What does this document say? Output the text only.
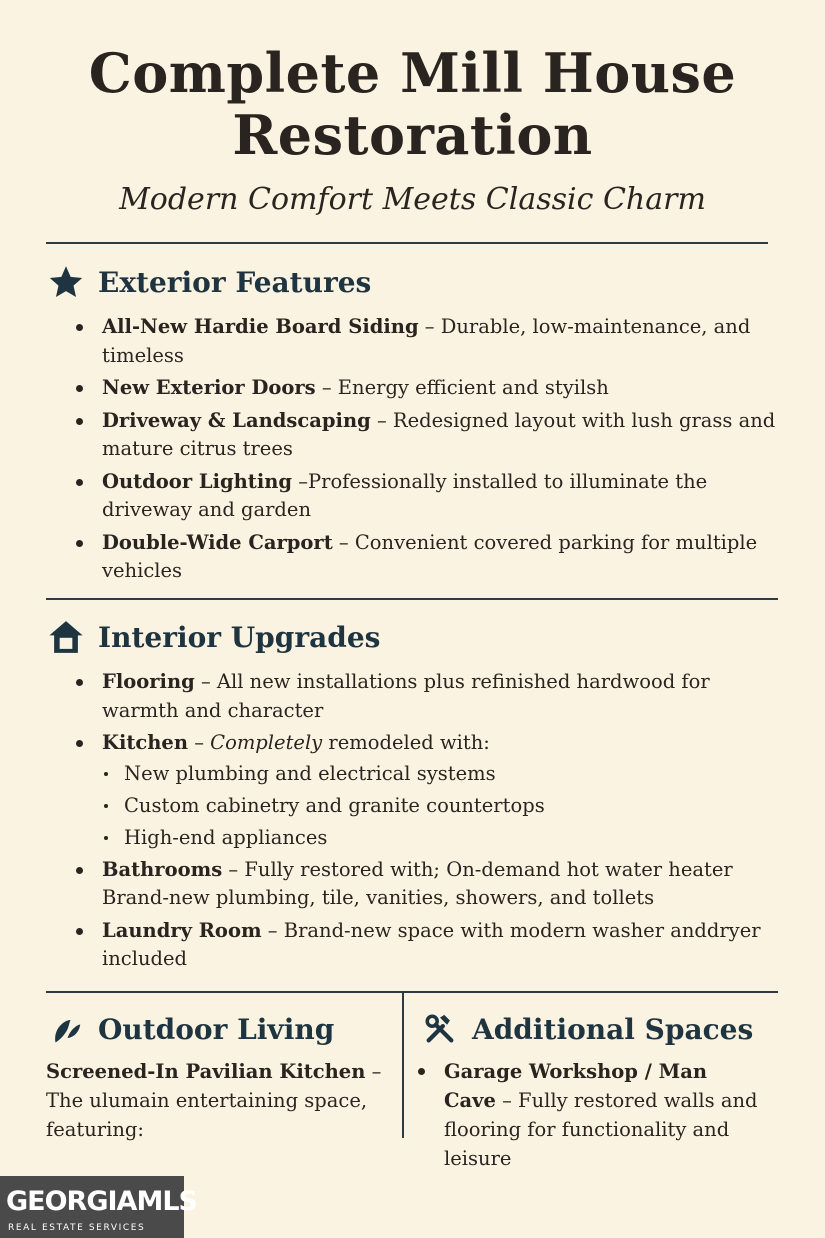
Complete Mill House
Restoration
Modern Comfort Meets Classic Charm
Exterior Features
All-New Hardie Board Siding – Durable, low-maintenance, and timeless
New Exterior Doors – Energy efficient and styilsh
Driveway & Landscaping – Redesigned layout with lush grass and mature citrus trees
Outdoor Lighting –Professionally installed to illuminate the driveway and garden
Double-Wide Carport – Convenient covered parking for multiple vehicles
Interior Upgrades
Flooring – All new installations plus refinished hardwood for warmth and character
Kitchen – Completely remodeled with:
New plumbing and electrical systems
Custom cabinetry and granite countertops
High-end appliances
Bathrooms – Fully restored with; On-demand hot water heater Brand-new plumbing, tile, vanities, showers, and tollets
Laundry Room – Brand-new space with modern washer anddryer included
Outdoor Living
Screened-In Pavilian Kitchen – The ulumain entertaining space, featuring:
Additional Spaces
Garage Workshop / Man Cave – Fully restored walls and flooring for functionality and leisure
GEORGIAMLS
REAL ESTATE SERVICES
